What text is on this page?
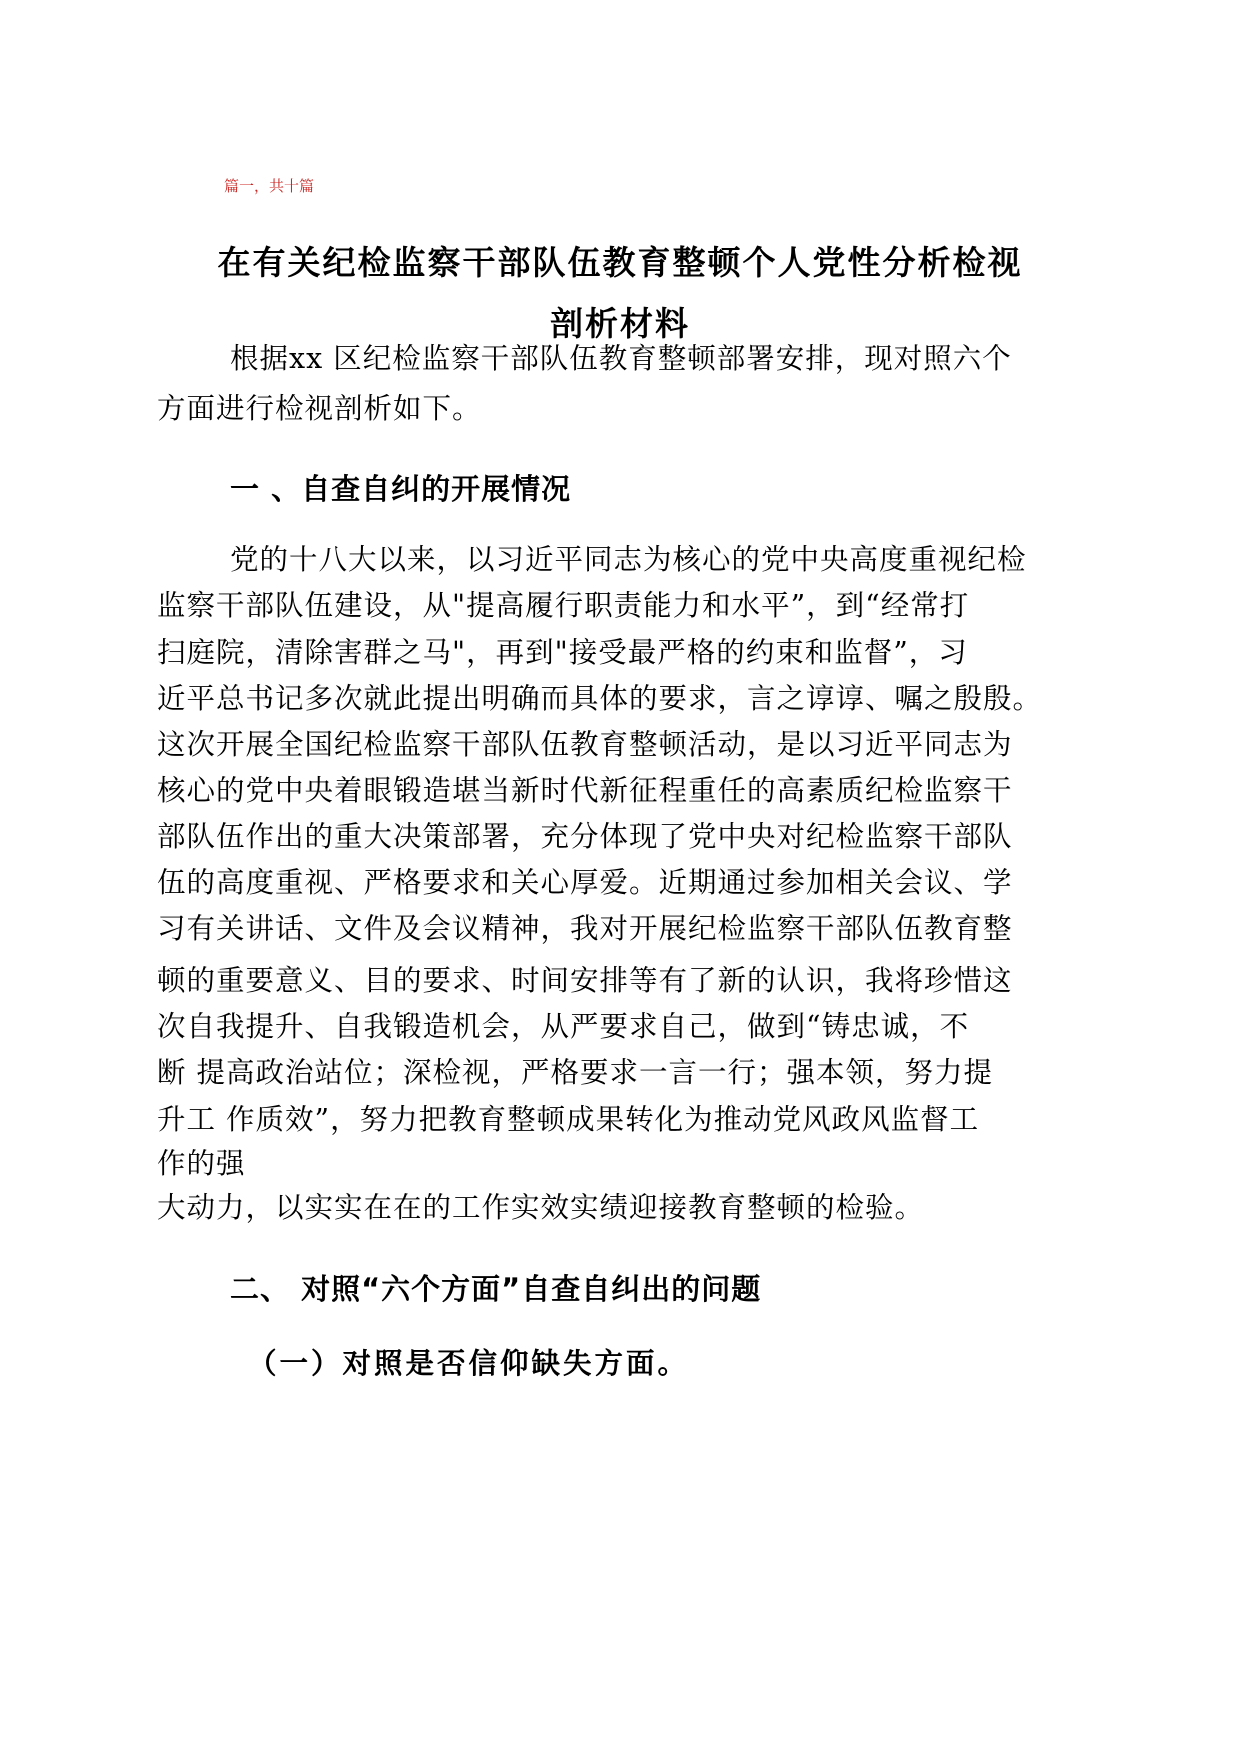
篇一，共十篇
在有关纪检监察干部队伍教育整顿个人党性分析检视
剖析材料
根据xx 区纪检监察干部队伍教育整顿部署安排，现对照六个
方面进行检视剖析如下。
一 、自查自纠的开展情况
党的十八大以来，以习近平同志为核心的党中央高度重视纪检
监察干部队伍建设，从"提高履行职责能力和水平”，到“经常打
扫庭院，清除害群之马"，再到"接受最严格的约束和监督”，习
近平总书记多次就此提出明确而具体的要求，言之谆谆、嘱之殷殷。
这次开展全国纪检监察干部队伍教育整顿活动，是以习近平同志为
核心的党中央着眼锻造堪当新时代新征程重任的高素质纪检监察干
部队伍作出的重大决策部署，充分体现了党中央对纪检监察干部队
伍的高度重视、严格要求和关心厚爱。近期通过参加相关会议、学
习有关讲话、文件及会议精神，我对开展纪检监察干部队伍教育整
顿的重要意义、目的要求、时间安排等有了新的认识，我将珍惜这
次自我提升、自我锻造机会，从严要求自己，做到“铸忠诚，不
断 提高政治站位；深检视，严格要求一言一行；强本领，努力提
升工 作质效”，努力把教育整顿成果转化为推动党风政风监督工
作的强
大动力，以实实在在的工作实效实绩迎接教育整顿的检验。
二、 对照“六个方面”自查自纠出的问题
（一）对照是否信仰缺失方面。
